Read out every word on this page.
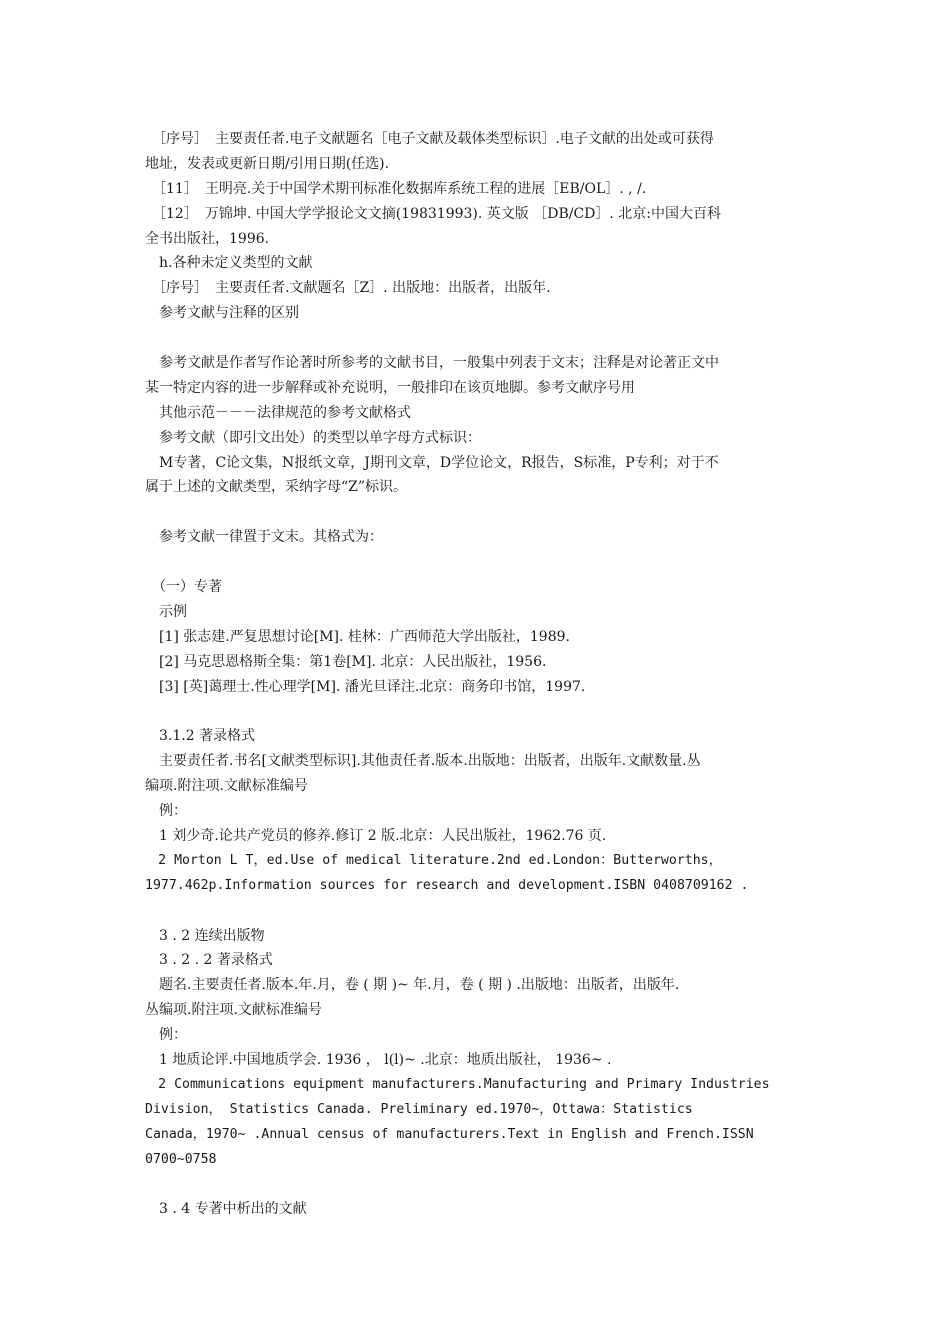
　［序号］　主要责任者.电子文献题名［电子文献及载体类型标识］.电子文献的出处或可获得
地址，发表或更新日期/引用日期(任选).
　［11］　王明亮.关于中国学术期刊标准化数据库系统工程的进展［EB/OL］. , /.
　［12］　万锦坤. 中国大学学报论文文摘(19831993). 英文版 ［DB/CD］. 北京:中国大百科
全书出版社，1996.
　h.各种未定义类型的文献
　［序号］　主要责任者.文献题名［Z］. 出版地：出版者，出版年.
　参考文献与注释的区别
　参考文献是作者写作论著时所参考的文献书目，一般集中列表于文末；注释是对论著正文中
某一特定内容的进一步解释或补充说明，一般排印在该页地脚。参考文献序号用
　其他示范－－－法律规范的参考文献格式
　参考文献（即引文出处）的类型以单字母方式标识：
　M专著，C论文集，N报纸文章，J期刊文章，D学位论文，R报告，S标准，P专利；对于不
属于上述的文献类型，采纳字母“Z”标识。
　参考文献一律置于文末。其格式为：
　（一）专著
　示例
　[1] 张志建.严复思想讨论[M]. 桂林：广西师范大学出版社，1989.
　[2] 马克思恩格斯全集：第1卷[M]. 北京：人民出版社，1956.
　[3] [英]蔼理士.性心理学[M]. 潘光旦译注.北京：商务印书馆，1997.
　3.1.2 著录格式
　主要责任者.书名[文献类型标识].其他责任者.版本.出版地：出版者，出版年.文献数量.丛
编项.附注项.文献标准编号
　例：
　1 刘少奇.论共产党员的修养.修订 2 版.北京：人民出版社，1962.76 页.
　2 Morton L T，ed.Use of medical literature.2nd ed.London：Butterworths，
1977.462p.Information sources for research and development.ISBN 0408709162 .
　3 . 2 连续出版物
　3 . 2 . 2 著录格式
　题名.主要责任者.版本.年.月，卷 ( 期 )~ 年.月，卷 ( 期 ) .出版地：出版者，出版年.
丛编项.附注项.文献标准编号
　例：
　1 地质论评.中国地质学会. 1936 ， l(l)~ .北京：地质出版社， 1936~ .
　2 Communications equipment manufacturers.Manufacturing and Primary Industries
Division， Statistics Canada. Preliminary ed.1970~，Ottawa：Statistics
Canada，1970~ .Annual census of manufacturers.Text in English and French.ISSN
0700~0758
　3 . 4 专著中析出的文献
